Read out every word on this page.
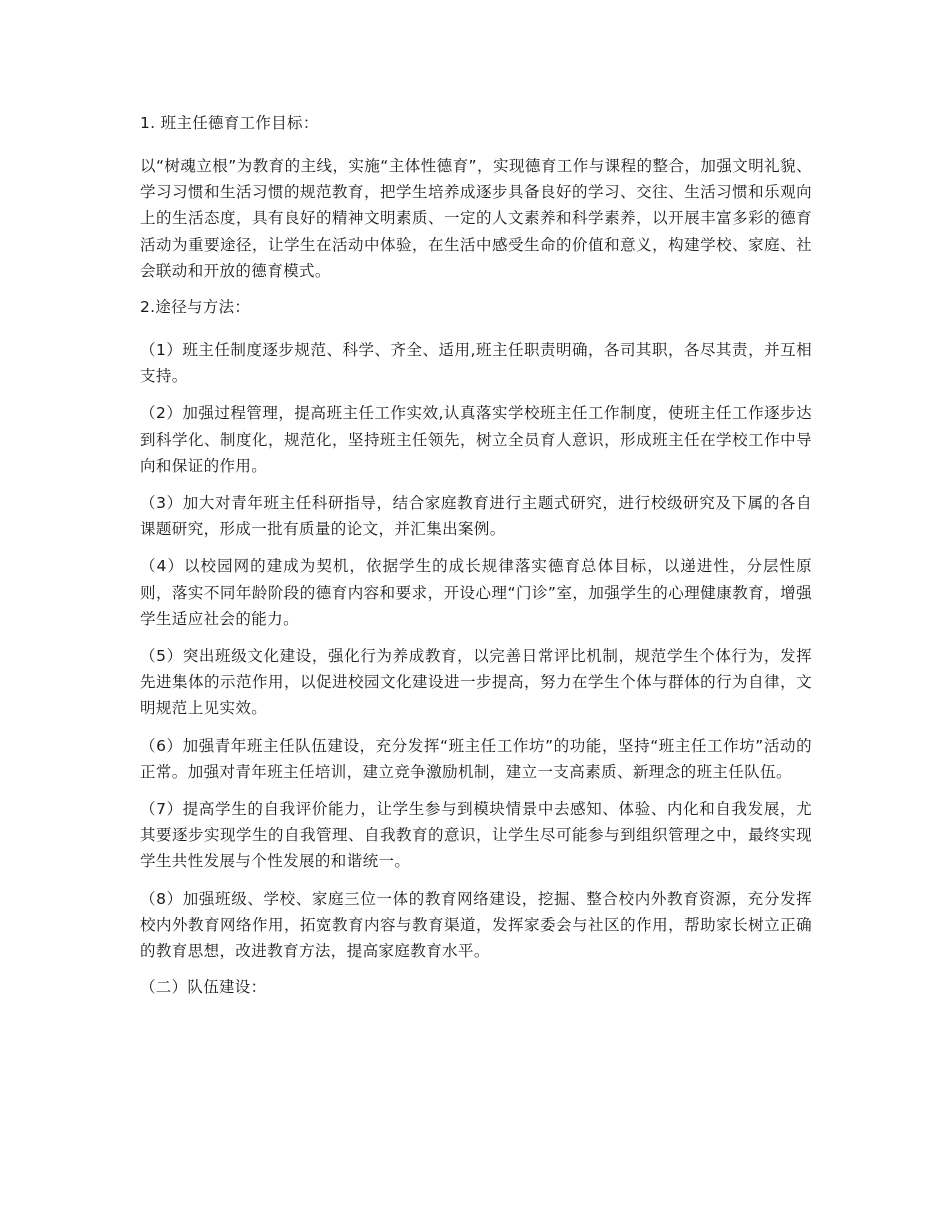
1. 班主任德育工作目标：

以“树魂立根”为教育的主线，实施“主体性德育”，实现德育工作与课程的整合，加强文明礼貌、学习习惯和生活习惯的规范教育，把学生培养成逐步具备良好的学习、交往、生活习惯和乐观向上的生活态度，具有良好的精神文明素质、一定的人文素养和科学素养，以开展丰富多彩的德育活动为重要途径，让学生在活动中体验，在生活中感受生命的价值和意义，构建学校、家庭、社会联动和开放的德育模式。

2.途径与方法：

（1）班主任制度逐步规范、科学、齐全、适用,班主任职责明确，各司其职，各尽其责，并互相支持。

（2）加强过程管理，提高班主任工作实效,认真落实学校班主任工作制度，使班主任工作逐步达到科学化、制度化，规范化，坚持班主任领先，树立全员育人意识，形成班主任在学校工作中导向和保证的作用。

（3）加大对青年班主任科研指导，结合家庭教育进行主题式研究，进行校级研究及下属的各自课题研究，形成一批有质量的论文，并汇集出案例。

（4）以校园网的建成为契机，依据学生的成长规律落实德育总体目标，以递进性，分层性原则，落实不同年龄阶段的德育内容和要求，开设心理“门诊”室，加强学生的心理健康教育，增强学生适应社会的能力。

（5）突出班级文化建设，强化行为养成教育，以完善日常评比机制，规范学生个体行为，发挥先进集体的示范作用，以促进校园文化建设进一步提高，努力在学生个体与群体的行为自律，文明规范上见实效。

（6）加强青年班主任队伍建设，充分发挥“班主任工作坊”的功能，坚持“班主任工作坊”活动的正常。加强对青年班主任培训，建立竞争激励机制，建立一支高素质、新理念的班主任队伍。

（7）提高学生的自我评价能力，让学生参与到模块情景中去感知、体验、内化和自我发展，尤其要逐步实现学生的自我管理、自我教育的意识，让学生尽可能参与到组织管理之中，最终实现学生共性发展与个性发展的和谐统一。

（8）加强班级、学校、家庭三位一体的教育网络建设，挖掘、整合校内外教育资源，充分发挥校内外教育网络作用，拓宽教育内容与教育渠道，发挥家委会与社区的作用，帮助家长树立正确的教育思想，改进教育方法，提高家庭教育水平。

（二）队伍建设：
